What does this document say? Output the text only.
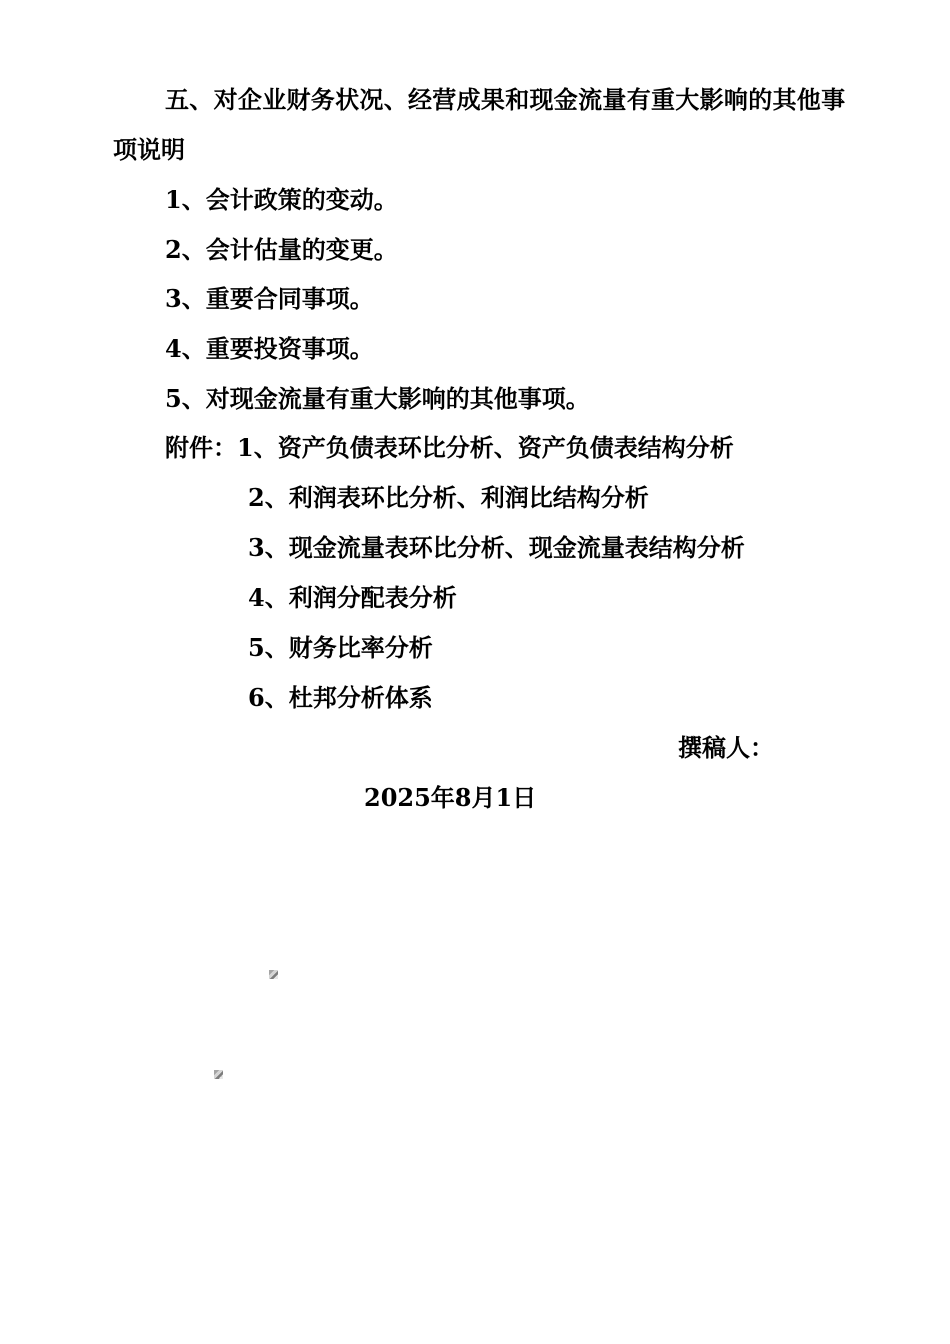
五、对企业财务状况、经营成果和现金流量有重大影响的其他事
项说明
1、会计政策的变动。
2、会计估量的变更。
3、重要合同事项。
4、重要投资事项。
5、对现金流量有重大影响的其他事项。
附件：1、资产负债表环比分析、资产负债表结构分析
2、利润表环比分析、利润比结构分析
3、现金流量表环比分析、现金流量表结构分析
4、利润分配表分析
5、财务比率分析
6、杜邦分析体系
撰稿人：
2025年8月1日
